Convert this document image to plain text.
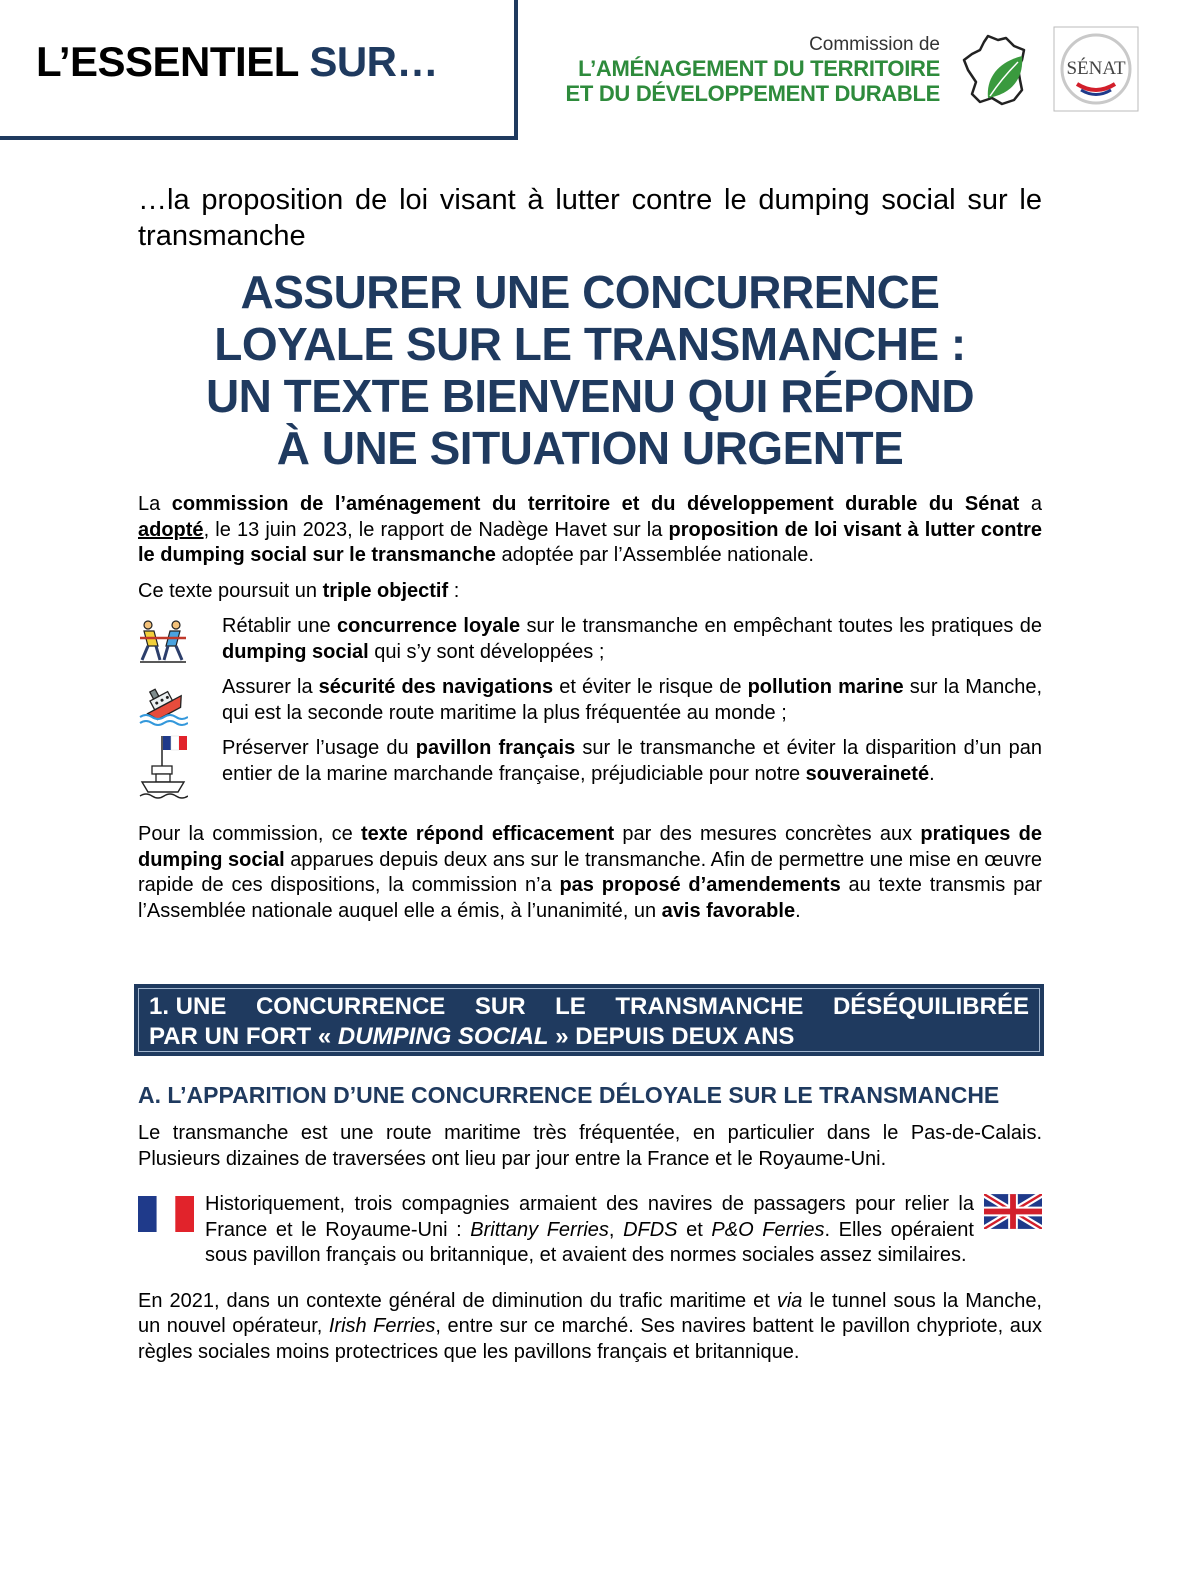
L’ESSENTIEL SUR…	Commission de
L’AMÉNAGEMENT DU TERRITOIRE
ET DU DÉVELOPPEMENT DURABLE
SÉNAT

…la proposition de loi visant à lutter contre le dumping social sur le transmanche

ASSURER UNE CONCURRENCE
LOYALE SUR LE TRANSMANCHE :
UN TEXTE BIENVENU QUI RÉPOND
À UNE SITUATION URGENTE

La commission de l’aménagement du territoire et du développement durable du Sénat a adopté, le 13 juin 2023, le rapport de Nadège Havet sur la proposition de loi visant à lutter contre le dumping social sur le transmanche adoptée par l’Assemblée nationale.

Ce texte poursuit un triple objectif :

Rétablir une concurrence loyale sur le transmanche en empêchant toutes les pratiques de dumping social qui s’y sont développées ;

Assurer la sécurité des navigations et éviter le risque de pollution marine sur la Manche, qui est la seconde route maritime la plus fréquentée au monde ;

Préserver l’usage du pavillon français sur le transmanche et éviter la disparition d’un pan entier de la marine marchande française, préjudiciable pour notre souveraineté.

Pour la commission, ce texte répond efficacement par des mesures concrètes aux pratiques de dumping social apparues depuis deux ans sur le transmanche. Afin de permettre une mise en œuvre rapide de ces dispositions, la commission n’a pas proposé d’amendements au texte transmis par l’Assemblée nationale auquel elle a émis, à l’unanimité, un avis favorable.

1. UNE CONCURRENCE SUR LE TRANSMANCHE DÉSÉQUILIBRÉE
PAR UN FORT « DUMPING SOCIAL » DEPUIS DEUX ANS
A. L’APPARITION D’UNE CONCURRENCE DÉLOYALE SUR LE TRANSMANCHE

Le transmanche est une route maritime très fréquentée, en particulier dans le Pas-de-Calais. Plusieurs dizaines de traversées ont lieu par jour entre la France et le Royaume-Uni.

Historiquement, trois compagnies armaient des navires de passagers pour relier la France et le Royaume-Uni : Brittany Ferries, DFDS et P&O Ferries. Elles opéraient sous pavillon français ou britannique, et avaient des normes sociales assez similaires.

En 2021, dans un contexte général de diminution du trafic maritime et via le tunnel sous la Manche, un nouvel opérateur, Irish Ferries, entre sur ce marché. Ses navires battent le pavillon chypriote, aux règles sociales moins protectrices que les pavillons français et britannique.
